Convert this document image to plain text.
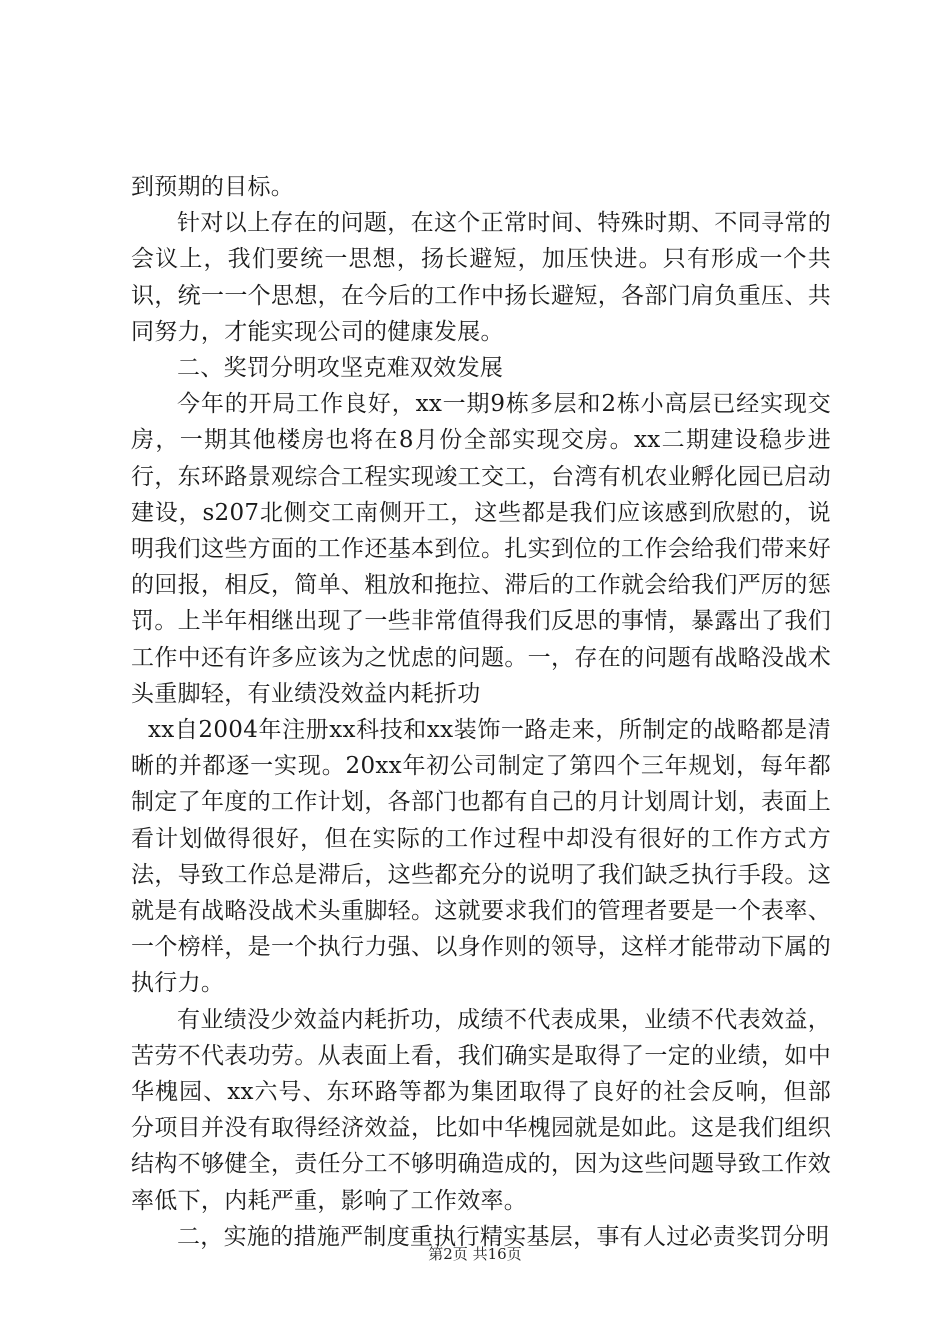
到预期的目标。

针对以上存在的问题，在这个正常时间、特殊时期、不同寻常的会议上，我们要统一思想，扬长避短，加压快进。只有形成一个共识，统一一个思想，在今后的工作中扬长避短，各部门肩负重压、共同努力，才能实现公司的健康发展。

二、奖罚分明攻坚克难双效发展

今年的开局工作良好，xx一期9栋多层和2栋小高层已经实现交房，一期其他楼房也将在8月份全部实现交房。xx二期建设稳步进行，东环路景观综合工程实现竣工交工，台湾有机农业孵化园已启动建设，s207北侧交工南侧开工，这些都是我们应该感到欣慰的，说明我们这些方面的工作还基本到位。扎实到位的工作会给我们带来好的回报，相反，简单、粗放和拖拉、滞后的工作就会给我们严厉的惩罚。上半年相继出现了一些非常值得我们反思的事情，暴露出了我们工作中还有许多应该为之忧虑的问题。一，存在的问题有战略没战术头重脚轻，有业绩没效益内耗折功

xx自2004年注册xx科技和xx装饰一路走来，所制定的战略都是清晰的并都逐一实现。20xx年初公司制定了第四个三年规划，每年都制定了年度的工作计划，各部门也都有自己的月计划周计划，表面上看计划做得很好，但在实际的工作过程中却没有很好的工作方式方法，导致工作总是滞后，这些都充分的说明了我们缺乏执行手段。这就是有战略没战术头重脚轻。这就要求我们的管理者要是一个表率、一个榜样，是一个执行力强、以身作则的领导，这样才能带动下属的执行力。

有业绩没少效益内耗折功，成绩不代表成果，业绩不代表效益，苦劳不代表功劳。从表面上看，我们确实是取得了一定的业绩，如中华槐园、xx六号、东环路等都为集团取得了良好的社会反响，但部分项目并没有取得经济效益，比如中华槐园就是如此。这是我们组织结构不够健全，责任分工不够明确造成的，因为这些问题导致工作效率低下，内耗严重，影响了工作效率。

二，实施的措施严制度重执行精实基层，事有人过必责奖罚分明

第2页 共16页
